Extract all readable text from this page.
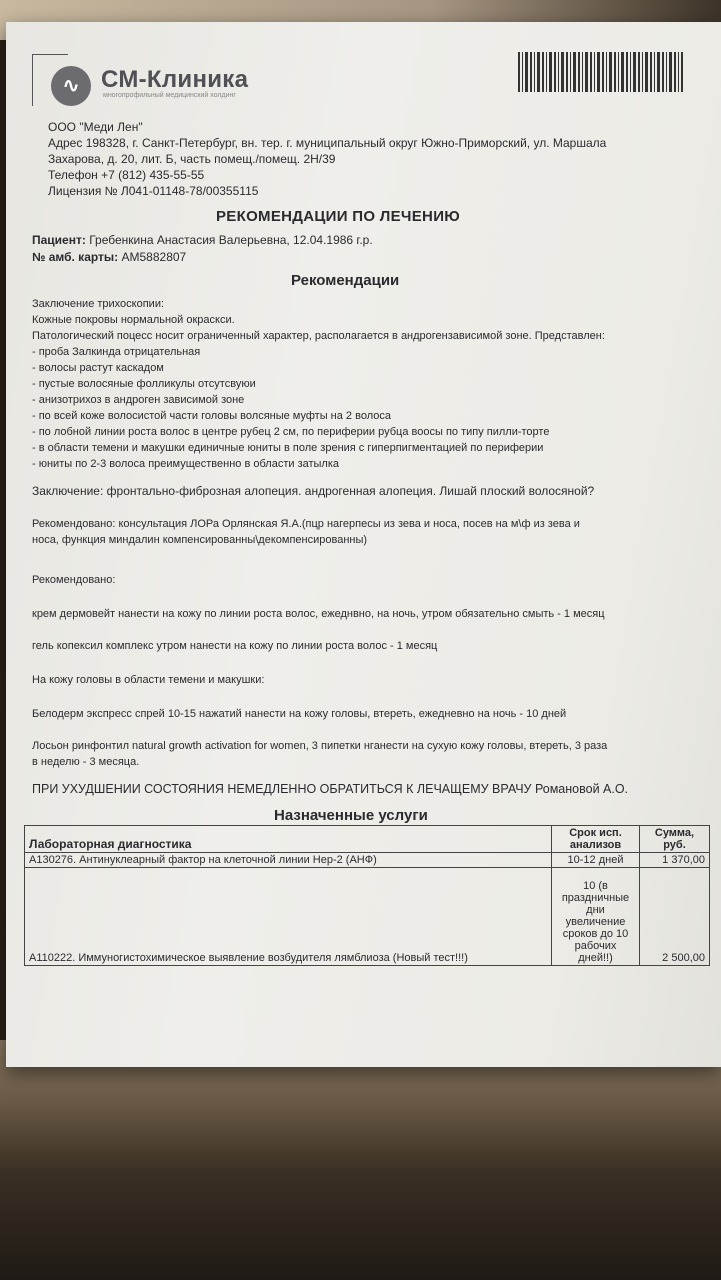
∿ СМ-Клиника
многопрофильный медицинский холдинг
ООО "Меди Лен"
Адрес 198328, г. Санкт-Петербург, вн. тер. г. муниципальный округ Южно-Приморский, ул. Маршала
Захарова, д. 20, лит. Б, часть помещ./помещ. 2Н/39
Телефон +7 (812) 435-55-55
Лицензия № Л041-01148-78/00355115
РЕКОМЕНДАЦИИ ПО ЛЕЧЕНИЮ
Пациент: Гребенкина Анастасия Валерьевна, 12.04.1986 г.р.
№ амб. карты: АМ5882807
Рекомендации
Заключение трихоскопии:
Кожные покровы нормальной окраскси.
Патологический поцесс носит ограниченный характер, располагается в андрогензависимой зоне. Представлен:
- проба Залкинда отрицательная
- волосы растут каскадом
- пустые волосяные фолликулы отсутсвуюи
- анизотрихоз в андроген зависимой зоне
- по всей коже волосистой части головы волсяные муфты на 2 волоса
- по лобной линии роста волос в центре рубец 2 см, по периферии рубца воосы по типу пилли-торте
- в области темени и макушки единичные юниты в поле зрения с гиперпигментацией по периферии
- юниты по 2-3 волоса преимущественно в области затылка
Заключение: фронтально-фиброзная алопеция. андрогенная алопеция. Лишай плоский волосяной?
Рекомендовано: консультация ЛОРа Орлянская Я.А.(пцр нагерпесы из зева и носа, посев на м\ф из зева и
носа, функция миндалин компенсированны\декомпенсированны)
Рекомендовано:
крем дермовейт нанести на кожу по линии роста волос, ежеднвно, на ночь, утром обязательно смыть - 1 месяц
гель копексил комплекс утром нанести на кожу по линии роста волос - 1 месяц
На кожу головы в области темени и макушки:
Белодерм экспресс спрей 10-15 нажатий нанести на кожу головы, втереть, ежедневно на ночь - 10 дней
Лосьон ринфонтил natural growth activation for women, 3 пипетки нганести на сухую кожу головы, втереть, 3 раза
в неделю - 3 месяца.
ПРИ УХУДШЕНИИ СОСТОЯНИЯ НЕМЕДЛЕННО ОБРАТИТЬСЯ К ЛЕЧАЩЕМУ ВРАЧУ Романовой А.О.
Назначенные услуги
Лабораторная диагностика	Срок исп. анализов	Сумма, руб.
A130276. Антинуклеарный фактор на клеточной линии Hep-2 (АНФ)	10-12 дней	1 370,00
A110222. Иммуногистохимическое выявление возбудителя лямблиоза (Новый тест!!!)	10 (в праздничные дни увеличение сроков до 10 рабочих дней!!)	2 500,00
